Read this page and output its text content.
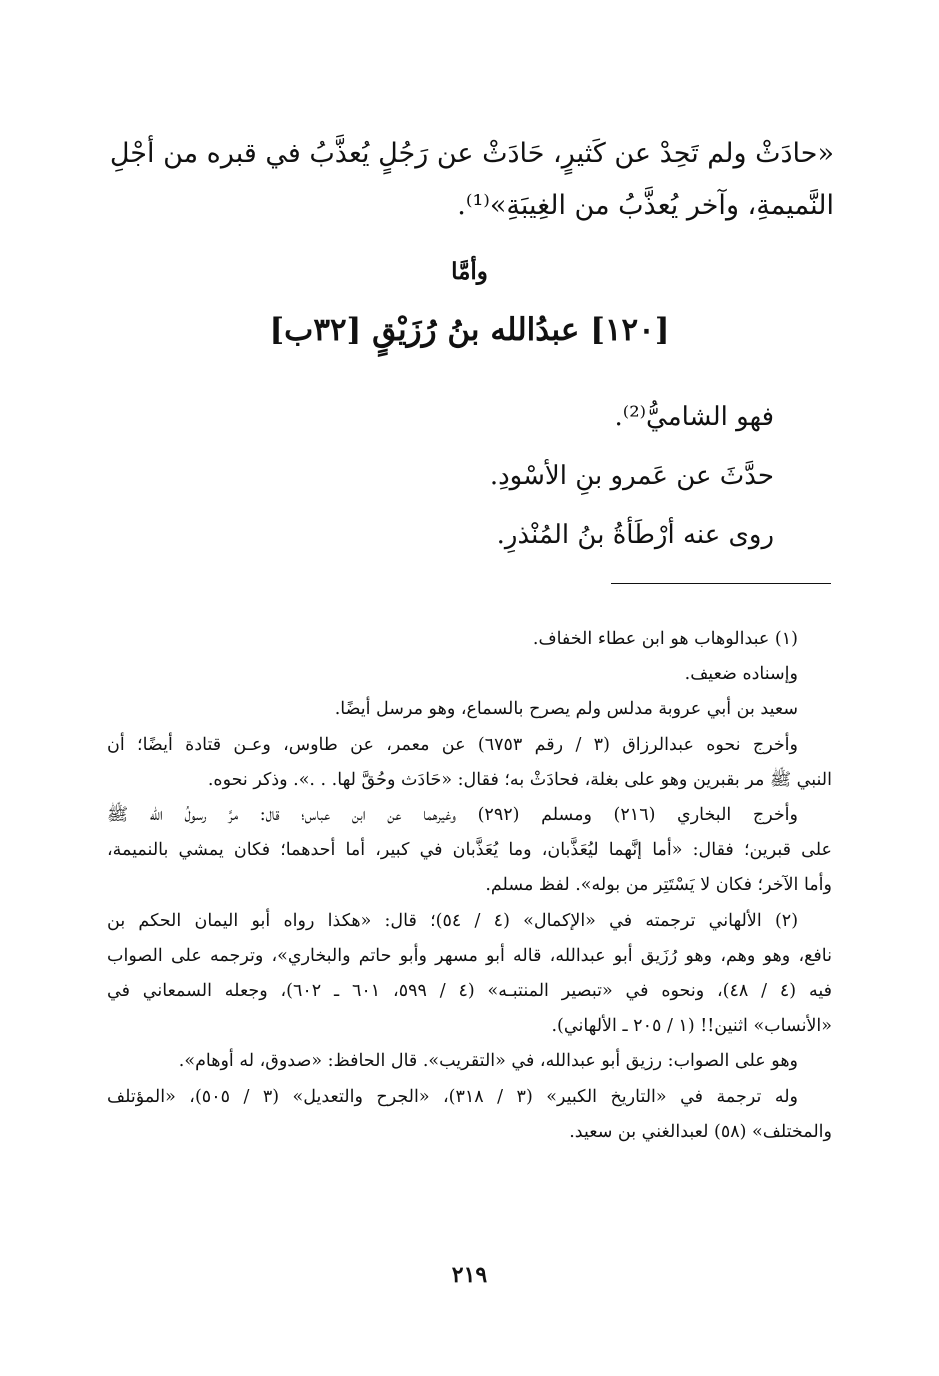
«حادَثْ ولم تَحِدْ عن كَثيرٍ، حَادَثْ عن رَجُلٍ يُعذَّبُ في قبره من أجْلِ
النَّميمةِ، وآخر يُعذَّبُ من الغِيبَةِ»⁽¹⁾.
وأمَّا
[١٢٠] عبدُالله بنُ رُزَيْقٍ [٣٢ب]
فهو الشاميُّ⁽²⁾.
حدَّثَ عن عَمرو بنِ الأسْودِ.
روى عنه أرْطَأةُ بنُ المُنْذرِ.

(١) عبدالوهاب هو ابن عطاء الخفاف.

وإسناده ضعيف.

سعيد بن أبي عروبة مدلس ولم يصرح بالسماع، وهو مرسل أيضًا.

وأخرج نحوه عبدالرزاق (٣ / رقم ٦٧٥٣) عن معمر، عن طاوس، وعـن قتادة أيضًا؛ أن

النبي ﷺ مر بقبرين وهو على بغلة، فحادَثْ به؛ فقال: «حَادَث وحُقَّ لها. . .». وذكر نحوه.

وأخرج البخاري (٢١٦) ومسلم (٢٩٢) وغيرهما عن ابن عباس؛ قال: مرَّ رسولُ الله ﷺ

على قبرين؛ فقال: «أما إنَّهما ليُعَذَّبان، وما يُعَذَّبان في كبير، أما أحدهما؛ فكان يمشي بالنميمة،

وأما الآخر؛ فكان لا يَسْتَتِر من بوله». لفظ مسلم.

(٢) الألهاني ترجمته في «الإكمال» (٤ / ٥٤)؛ قال: «هكذا رواه أبو اليمان الحكم بن

نافع، وهو وهم، وهو رُزَيق أبو عبدالله، قاله أبو مسهر وأبو حاتم والبخاري»، وترجمه على الصواب

فيه (٤ / ٤٨)، ونحوه في «تبصير المنتبـه» (٤ / ٥٩٩، ٦٠١ ـ ٦٠٢)، وجعله السمعاني في

«الأنساب» اثنين!! (١ / ٢٠٥ ـ الألهاني).

وهو على الصواب: رزيق أبو عبدالله، في «التقريب». قال الحافظ: «صدوق، له أوهام».

وله ترجمة في «التاريخ الكبير» (٣ / ٣١٨)، «الجرح والتعديل» (٣ / ٥٠٥)، «المؤتلف

والمختلف» (٥٨) لعبدالغني بن سعيد.

٢١٩
